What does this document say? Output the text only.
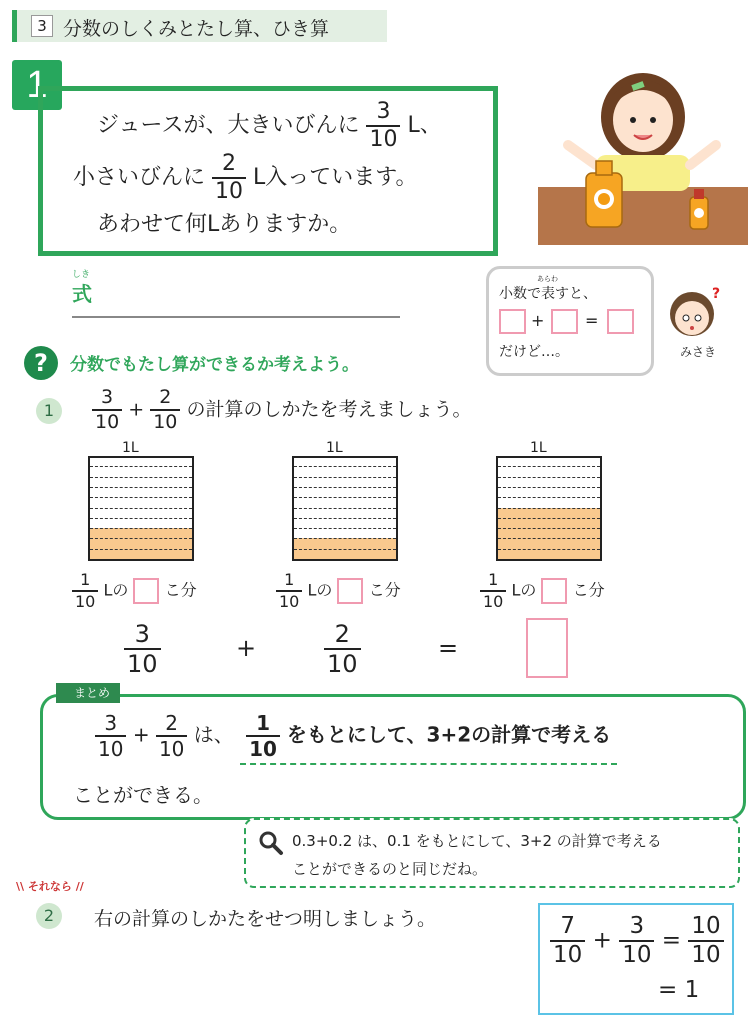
3 分数のしくみとたし算、ひき算
1
ジュースが、大きいびんに $\frac{3}{10}$ L、
小さいびんに $\frac{2}{10}$ L入っています。
あわせて何Lありますか。
しき
式	小数で
あらわ
表すと、
+	=
だけど…。
?
みさき
?	分数でもたし算ができるか考えよう。
1	$\frac{3}{10} + \frac{2}{10}$ の計算のしかたを考えましょう。
1L	1L	1L
$\frac{1}{10}$ Lの こ分	$\frac{1}{10}$ Lの こ分	$\frac{1}{10}$ Lの こ分
$\frac{3}{10}$	+	$\frac{2}{10}$	=
$\frac{3}{10} + \frac{2}{10}$ は、 $\frac{1}{10}$ をもとにして、3+2の計算で考える
ことができる。
まとめ
0.3+0.2 は、0.1 をもとにして、3+2 の計算で考える
ことができるのと同じだね。
\\ それなら //
2	右の計算のしかたをせつ明しましょう。	$\frac{7}{10} + \frac{3}{10} = \frac{10}{10}$
= 1
